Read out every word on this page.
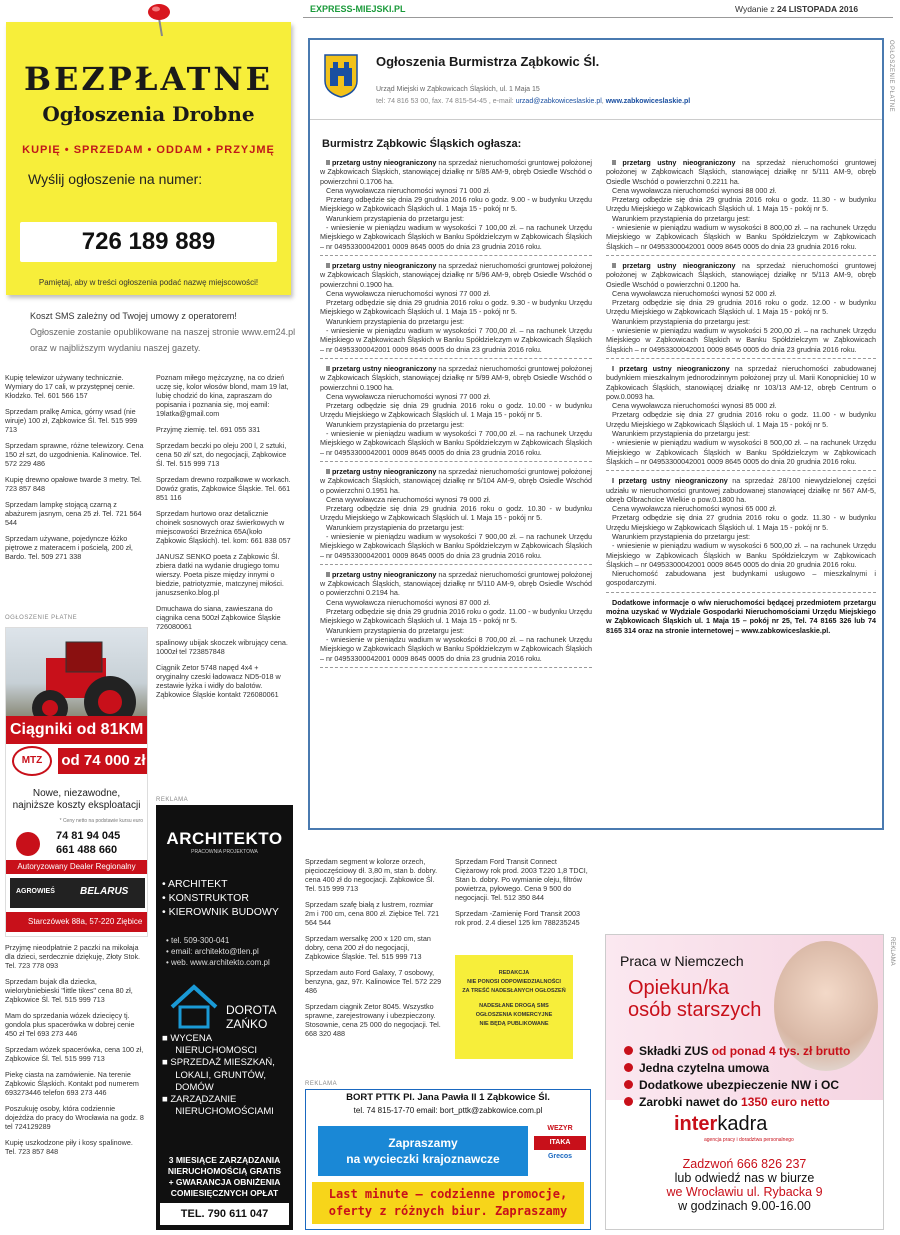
EXPRESS-MIEJSKI.PL	Wydanie z 24 LISTOPADA 2016
BEZPŁATNE
Ogłoszenia Drobne
KUPIĘ • SPRZEDAM • ODDAM • PRZYJMĘ
Wyślij ogłoszenie na numer:
726 189 889
Pamiętaj, aby w treści ogłoszenia podać nazwę miejscowości!
Koszt SMS zależny od Twojej umowy z operatorem!
Ogłoszenie zostanie opublikowane na naszej stronie www.em24.pl
oraz w najbliższym wydaniu naszej gazety.

Kupię telewizor używany technicznie. Wymiary do 17 cali, w przystępnej cenie. Kłodzko. Tel. 601 566 157

Sprzedam pralkę Amica, górny wsad (nie wiruje) 100 zł, Ząbkowice Śl. Tel. 515 999 713

Sprzedam sprawne, różne telewizory. Cena 150 zł szt, do uzgodnienia. Kalinowice. Tel. 572 229 486

Kupię drewno opałowe twarde 3 metry. Tel. 723 857 848

Sprzedam lampkę stojącą czarną z abażurem jasnym, cena 25 zł. Tel. 721 564 544

Sprzedam używane, pojedyncze łóżko piętrowe z materacem i pościelą, 200 zł, Bardo. Tel. 509 271 338

Poznam miłego mężczyznę, na co dzień uczę się, kolor włosów blond, mam 19 lat, lubię chodzić do kina, zapraszam do popisania i poznania się, moj eamil: 19latka@gmail.com

Przyjmę ziemię. tel. 691 055 331

Sprzedam beczki po oleju 200 l, 2 sztuki, cena 50 zł/ szt, do negocjacji, Ząbkowice Śl. Tel. 515 999 713

Sprzedam drewno rozpałkowe w workach. Dowóz gratis, Ząbkowice Śląskie. Tel. 661 851 116

Sprzedam hurtowo oraz detalicznie choinek sosnowych oraz świerkowych w miejscowości Brzeźnica 65A(koło Ząbkowic Śląskich). tel. kom: 661 838 057

JANUSZ SENKO poeta z Ząbkowic Śl. zbiera datki na wydanie drugiego tomu wierszy. Poeta pisze między innymi o biedzie, patriotyzmie, matczynej miłości. januszsenko.blog.pl

Dmuchawa do siana, zawieszana do ciągnika cena 500zł Ząbkowice Śląskie 726080061

spalinowy ubijak skoczek wibrujący cena. 1000zł tel 723857848

Ciągnik Zetor 5748 napęd 4x4 + oryginalny czeski ładowacz ND5-018 w zestawie łyżka i widły do balotów. Ząbkowice Śląskie kontakt 726080061

Przyjmę nieodpłatnie 2 paczki na mikołaja dla dzieci, serdecznie dziękuję, Złoty Stok. Tel. 723 778 093

Sprzedam bujak dla dziecka, wielorybniebieski "little tikes" cena 80 zł, Ząbkowice Śl. Tel. 515 999 713

Mam do sprzedania wózek dziecięcy tj. gondola plus spacerówka w dobrej cenie 450 zł Tel 693 273 446

Sprzedam wózek spacerówka, cena 100 zł, Ząbkowice Śl. Tel. 515 999 713

Piekę ciasta na zamówienie. Na terenie Ząbkowic Śląskich. Kontakt pod numerem 693273446 telefon 693 273 446

Poszukuję osoby, która codziennie dojeżdża do pracy do Wrocławia na godz. 8 tel 724129289

Kupię uszkodzone piły i kosy spalinowe. Tel. 723 857 848

Sprzedam segment w kolorze orzech, pięcioczęściowy dł. 3,80 m, stan b. dobry. cena 400 zł do negocjacji. Ząbkowice Śl. Tel. 515 999 713

Sprzedam szafę białą z lustrem, rozmiar 2m i 700 cm, cena 800 zł. Ziębice Tel. 721 564 544

Sprzedam wersalkę 200 x 120 cm, stan dobry, cena 200 zł do negocjacji, Ząbkowice Śląskie. Tel. 515 999 713

Sprzedam auto Ford Galaxy, 7 osobowy, benzyna, gaz, 97r. Kalinowice Tel. 572 229 486

Sprzedam ciągnik Zetor 8045. Wszystko sprawne, zarejestrowany i ubezpieczony. Stosownie, cena 25 000 do negocjacji. Tel. 668 320 488

Sprzedam Ford Transit Connect Ciężarowy rok prod. 2003 T220 1,8 TDCI, Stan b. dobry. Po wymianie oleju, filtrów powietrza, pyłowego. Cena 9 500 do negocjacji. Tel. 512 350 844

Sprzedam -Zamienię Ford Transit 2003 rok prod. 2.4 diesel 125 km 788235245

REDAKCJA
NIE PONOSI ODPOWIEDZIALNOŚCI
ZA TREŚĆ NADESŁANYCH OGŁOSZEŃ
NADESŁANE DROGĄ SMS
OGŁOSZENIA KOMERCYJNE
NIE BĘDĄ PUBLIKOWANE
OGŁOSZENIE PŁATNE
Ogłoszenia Burmistrza Ząbkowic Śl.
Urząd Miejski w Ząbkowicach Śląskich, ul. 1 Maja 15
tel: 74 816 53 00, fax. 74 815-54-45 , e-mail: urzad@zabkowiceslaskie.pl, www.zabkowiceslaskie.pl
Burmistrz Ząbkowic Śląskich ogłasza:

II przetarg ustny nieograniczony na sprzedaż nieruchomości gruntowej położonej w Ząbkowicach Śląskich, stanowiącej działkę nr 5/85 AM-9, obręb Osiedle Wschód o powierzchni 0.1706 ha.

Cena wywoławcza nieruchomości wynosi 71 000 zł.

Przetarg odbędzie się dnia 29 grudnia 2016 roku o godz. 9.00 - w budynku Urzędu Miejskiego w Ząbkowicach Śląskich ul. 1 Maja 15 - pokój nr 5.

Warunkiem przystąpienia do przetargu jest:

- wniesienie w pieniądzu wadium w wysokości 7 100,00 zł. – na rachunek Urzędu Miejskiego w Ząbkowicach Śląskich w Banku Spółdzielczym w Ząbkowicach Śląskich – nr 04953300042001 0009 8645 0005 do dnia 23 grudnia 2016 roku.

II przetarg ustny nieograniczony na sprzedaż nieruchomości gruntowej położonej w Ząbkowicach Śląskich, stanowiącej działkę nr 5/96 AM-9, obręb Osiedle Wschód o powierzchni 0.1900 ha.

Cena wywoławcza nieruchomości wynosi 77 000 zł.

Przetarg odbędzie się dnia 29 grudnia 2016 roku o godz. 9.30 - w budynku Urzędu Miejskiego w Ząbkowicach Śląskich ul. 1 Maja 15 - pokój nr 5.

Warunkiem przystąpienia do przetargu jest:

- wniesienie w pieniądzu wadium w wysokości 7 700,00 zł. – na rachunek Urzędu Miejskiego w Ząbkowicach Śląskich w Banku Spółdzielczym w Ząbkowicach Śląskich – nr 04953300042001 0009 8645 0005 do dnia 23 grudnia 2016 roku.

II przetarg ustny nieograniczony na sprzedaż nieruchomości gruntowej położonej w Ząbkowicach Śląskich, stanowiącej działkę nr 5/99 AM-9, obręb Osiedle Wschód o powierzchni 0.1900 ha.

Cena wywoławcza nieruchomości wynosi 77 000 zł.

Przetarg odbędzie się dnia 29 grudnia 2016 roku o godz. 10.00 - w budynku Urzędu Miejskiego w Ząbkowicach Śląskich ul. 1 Maja 15 - pokój nr 5.

Warunkiem przystąpienia do przetargu jest:

- wniesienie w pieniądzu wadium w wysokości 7 700,00 zł. – na rachunek Urzędu Miejskiego w Ząbkowicach Śląskich w Banku Spółdzielczym w Ząbkowicach Śląskich – nr 04953300042001 0009 8645 0005 do dnia 23 grudnia 2016 roku.

II przetarg ustny nieograniczony na sprzedaż nieruchomości gruntowej położonej w Ząbkowicach Śląskich, stanowiącej działkę nr 5/104 AM-9, obręb Osiedle Wschód o powierzchni 0.1951 ha.

Cena wywoławcza nieruchomości wynosi 79 000 zł.

Przetarg odbędzie się dnia 29 grudnia 2016 roku o godz. 10.30 - w budynku Urzędu Miejskiego w Ząbkowicach Śląskich ul. 1 Maja 15 - pokój nr 5.

Warunkiem przystąpienia do przetargu jest:

- wniesienie w pieniądzu wadium w wysokości 7 900,00 zł. – na rachunek Urzędu Miejskiego w Ząbkowicach Śląskich w Banku Spółdzielczym w Ząbkowicach Śląskich – nr 04953300042001 0009 8645 0005 do dnia 23 grudnia 2016 roku.

II przetarg ustny nieograniczony na sprzedaż nieruchomości gruntowej położonej w Ząbkowicach Śląskich, stanowiącej działkę nr 5/110 AM-9, obręb Osiedle Wschód o powierzchni 0.2194 ha.

Cena wywoławcza nieruchomości wynosi 87 000 zł.

Przetarg odbędzie się dnia 29 grudnia 2016 roku o godz. 11.00 - w budynku Urzędu Miejskiego w Ząbkowicach Śląskich ul. 1 Maja 15 - pokój nr 5.

Warunkiem przystąpienia do przetargu jest:

- wniesienie w pieniądzu wadium w wysokości 8 700,00 zł. – na rachunek Urzędu Miejskiego w Ząbkowicach Śląskich w Banku Spółdzielczym w Ząbkowicach Śląskich – nr 04953300042001 0009 8645 0005 do dnia 23 grudnia 2016 roku.

II przetarg ustny nieograniczony na sprzedaż nieruchomości gruntowej położonej w Ząbkowicach Śląskich, stanowiącej działkę nr 5/111 AM-9, obręb Osiedle Wschód o powierzchni 0.2211 ha.

Cena wywoławcza nieruchomości wynosi 88 000 zł.

Przetarg odbędzie się dnia 29 grudnia 2016 roku o godz. 11.30 - w budynku Urzędu Miejskiego w Ząbkowicach Śląskich ul. 1 Maja 15 - pokój nr 5.

Warunkiem przystąpienia do przetargu jest:

- wniesienie w pieniądzu wadium w wysokości 8 800,00 zł. – na rachunek Urzędu Miejskiego w Ząbkowicach Śląskich w Banku Spółdzielczym w Ząbkowicach Śląskich – nr 04953300042001 0009 8645 0005 do dnia 23 grudnia 2016 roku.

II przetarg ustny nieograniczony na sprzedaż nieruchomości gruntowej położonej w Ząbkowicach Śląskich, stanowiącej działkę nr 5/113 AM-9, obręb Osiedle Wschód o powierzchni 0.1200 ha.

Cena wywoławcza nieruchomości wynosi 52 000 zł.

Przetarg odbędzie się dnia 29 grudnia 2016 roku o godz. 12.00 - w budynku Urzędu Miejskiego w Ząbkowicach Śląskich ul. 1 Maja 15 - pokój nr 5.

Warunkiem przystąpienia do przetargu jest:

- wniesienie w pieniądzu wadium w wysokości 5 200,00 zł. – na rachunek Urzędu Miejskiego w Ząbkowicach Śląskich w Banku Spółdzielczym w Ząbkowicach Śląskich – nr 04953300042001 0009 8645 0005 do dnia 23 grudnia 2016 roku.

I przetarg ustny nieograniczony na sprzedaż nieruchomości zabudowanej budynkiem mieszkalnym jednorodzinnym położonej przy ul. Marii Konopnickiej 10 w Ząbkowicach Śląskich, stanowiącej działkę nr 103/13 AM-12, obręb Centrum o pow.0.0093 ha.

Cena wywoławcza nieruchomości wynosi 85 000 zł.

Przetarg odbędzie się dnia 27 grudnia 2016 roku o godz. 11.00 - w budynku Urzędu Miejskiego w Ząbkowicach Śląskich ul. 1 Maja 15 - pokój nr 5.

Warunkiem przystąpienia do przetargu jest:

- wniesienie w pieniądzu wadium w wysokości 8 500,00 zł. – na rachunek Urzędu Miejskiego w Ząbkowicach Śląskich w Banku Spółdzielczym w Ząbkowicach Śląskich – nr 04953300042001 0009 8645 0005 do dnia 20 grudnia 2016 roku.

I przetarg ustny nieograniczony na sprzedaż 28/100 niewydzielonej części udziału w nieruchomości gruntowej zabudowanej stanowiącej działkę nr 567 AM-5, obręb Olbrachcice Wielkie o pow.0.1800 ha.

Cena wywoławcza nieruchomości wynosi 65 000 zł.

Przetarg odbędzie się dnia 27 grudnia 2016 roku o godz. 11.30 - w budynku Urzędu Miejskiego w Ząbkowicach Śląskich ul. 1 Maja 15 - pokój nr 5.

Warunkiem przystąpienia do przetargu jest:

- wniesienie w pieniądzu wadium w wysokości 6 500,00 zł. – na rachunek Urzędu Miejskiego w Ząbkowicach Śląskich w Banku Spółdzielczym w Ząbkowicach Śląskich – nr 04953300042001 0009 8645 0005 do dnia 20 grudnia 2016 roku.

Nieruchomość zabudowana jest budynkami usługowo – mieszkalnymi i gospodarczymi.

Dodatkowe informacje o w/w nieruchomości będącej przedmiotem przetargu można uzyskać w Wydziale Gospodarki Nieruchomościami Urzędu Miejskiego w Ząbkowicach Śląskich ul. 1 Maja 15 – pokój nr 25, Tel. 74 8165 326 lub 74 8165 314 oraz na stronie internetowej – www.zabkowiceslaskie.pl.

OGŁOSZENIE PŁATNE
Ciągniki od 81KM
MTZ	od 74 000 zł
Nowe, niezawodne,
najniższe koszty eksploatacji
* Ceny netto na podstawie kursu euro
74 81 94 045
661 488 660
Autoryzowany Dealer Regionalny
AGROWIEŚ	BELARUS
Starczówek 88a, 57-220 Ziębice
REKLAMA
ARCHITEKTO
PRACOWNIA PROJEKTOWA
• ARCHITEKT
• KONSTRUKTOR
• KIEROWNIK BUDOWY
• tel. 509-300-041
• email: architekto@tlen.pl
• web. www.architekto.com.pl
DOROTA
ZAŃKO
■ WYCENA
NIERUCHOMOSCI
■ SPRZEDAŻ MIESZKAŃ,
LOKALI, GRUNTÓW,
DOMÓW
■ ZARZĄDZANIE
NIERUCHOMOŚCIAMI
3 MIESIĄCE ZARZĄDZANIA
NIERUCHOMOŚCIĄ GRATIS
+ GWARANCJA OBNIŻENIA
COMIESIĘCZNYCH OPŁAT
TEL. 790 611 047
REKLAMA
BORT PTTK Pl. Jana Pawła II 1 Ząbkowice Śl.
tel. 74 815-17-70 email: bort_pttk@zabkowice.com.pl
Zapraszamy
na wycieczki krajoznawcze
WEZYR
ITAKA
Grecos
Last minute – codzienne promocje,
oferty z różnych biur. Zapraszamy
REKLAMA
Praca w Niemczech
Opiekun/ka
osób starszych
Składki ZUS od ponad 4 tys. zł brutto
Jedna czytelna umowa
Dodatkowe ubezpieczenie NW i OC
Zarobki nawet do 1350 euro netto
interkadra
agencja pracy i doradztwa personalnego
Zadzwoń 666 826 237
lub odwiedź nas w biurze
we Wrocławiu ul. Rybacka 9
w godzinach 9.00-16.00
